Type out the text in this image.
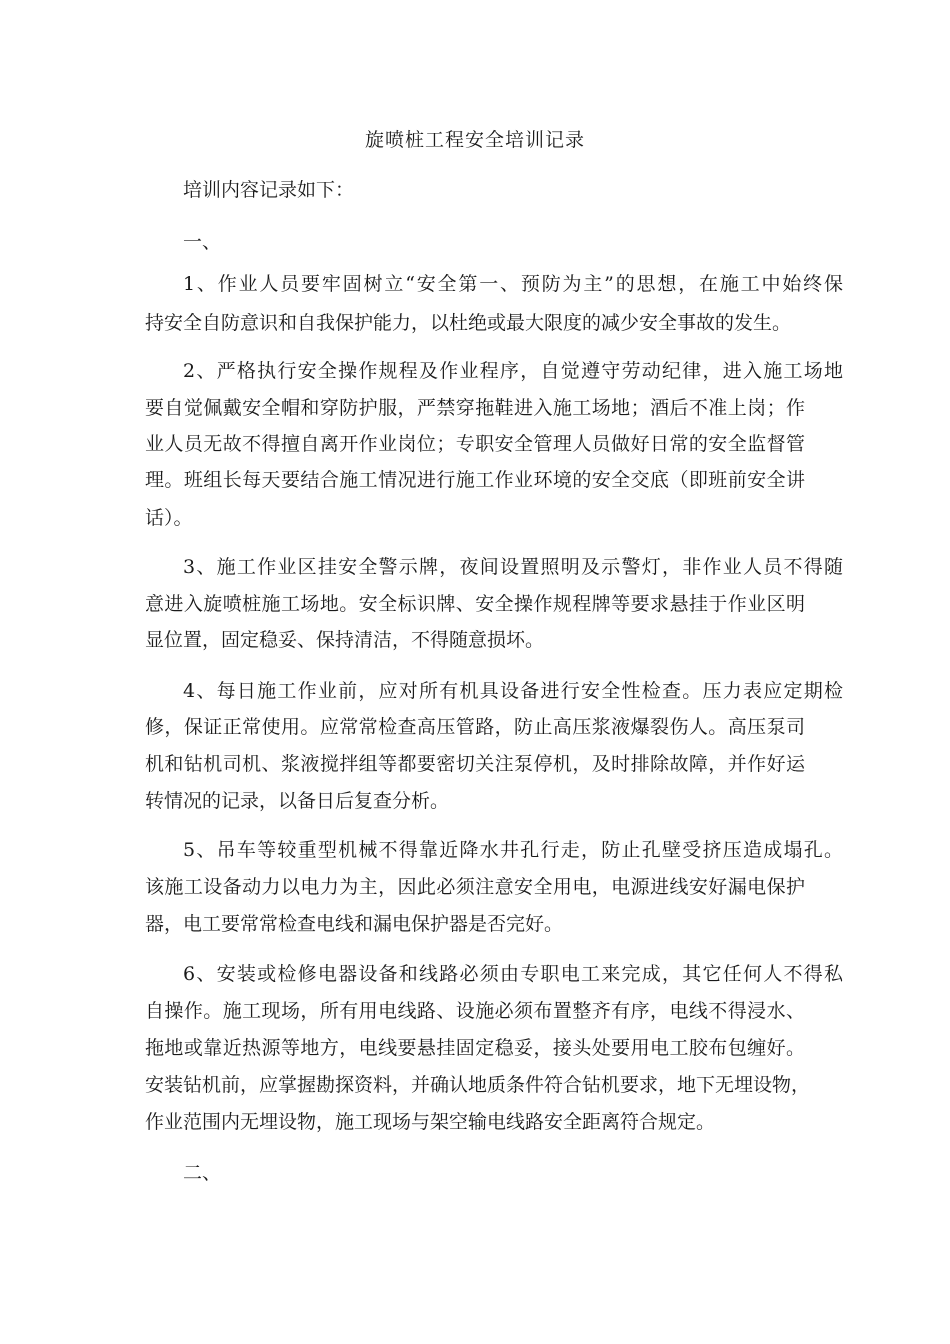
旋喷桩工程安全培训记录

培训内容记录如下：

一、

1、作业人员要牢固树立“安全第一、预防为主”的思想，在施工中始终保

持安全自防意识和自我保护能力，以杜绝或最大限度的减少安全事故的发生。

2、严格执行安全操作规程及作业程序，自觉遵守劳动纪律，进入施工场地

要自觉佩戴安全帽和穿防护服，严禁穿拖鞋进入施工场地；酒后不准上岗；作

业人员无故不得擅自离开作业岗位；专职安全管理人员做好日常的安全监督管

理。班组长每天要结合施工情况进行施工作业环境的安全交底（即班前安全讲

话）。

3、施工作业区挂安全警示牌，夜间设置照明及示警灯，非作业人员不得随

意进入旋喷桩施工场地。安全标识牌、安全操作规程牌等要求悬挂于作业区明

显位置，固定稳妥、保持清洁，不得随意损坏。

4、每日施工作业前，应对所有机具设备进行安全性检查。压力表应定期检

修，保证正常使用。应常常检查高压管路，防止高压浆液爆裂伤人。高压泵司

机和钻机司机、浆液搅拌组等都要密切关注泵停机，及时排除故障，并作好运

转情况的记录，以备日后复查分析。

5、吊车等较重型机械不得靠近降水井孔行走，防止孔壁受挤压造成塌孔。

该施工设备动力以电力为主，因此必须注意安全用电，电源进线安好漏电保护

器，电工要常常检查电线和漏电保护器是否完好。

6、安装或检修电器设备和线路必须由专职电工来完成，其它任何人不得私

自操作。施工现场，所有用电线路、设施必须布置整齐有序，电线不得浸水、

拖地或靠近热源等地方，电线要悬挂固定稳妥，接头处要用电工胶布包缠好。

安装钻机前，应掌握勘探资料，并确认地质条件符合钻机要求，地下无埋设物，

作业范围内无埋设物，施工现场与架空输电线路安全距离符合规定。

二、
